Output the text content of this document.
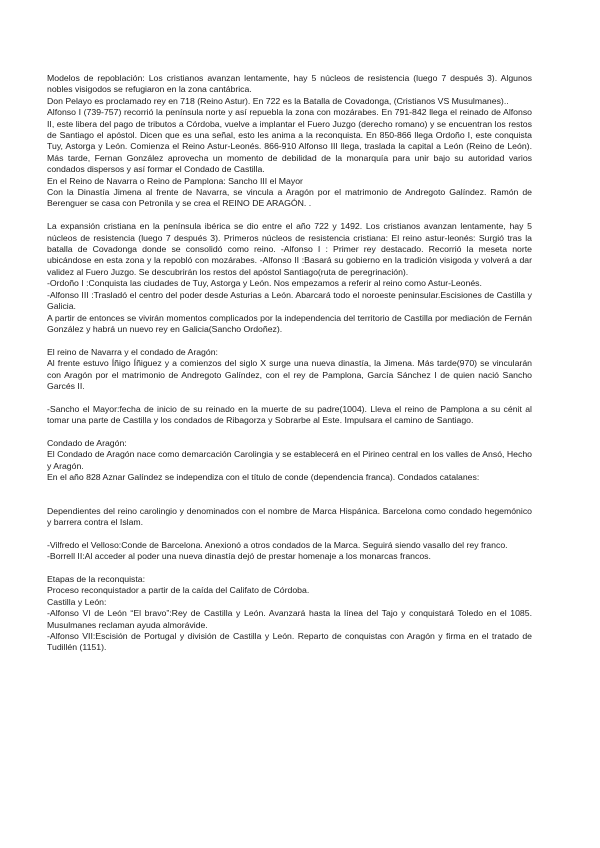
Modelos de repoblación: Los cristianos avanzan lentamente, hay 5 núcleos de resistencia (luego 7 después 3). Algunos nobles visigodos se refugiaron en la zona cantábrica.

Don Pelayo es proclamado rey en 718 (Reino Astur). En 722 es la Batalla de Covadonga, (Cristianos VS Musulmanes)..

Alfonso I (739-757) recorrió la península norte y así repuebla la zona con mozárabes. En 791-842 llega el reinado de Alfonso II, este libera del pago de tributos a Córdoba, vuelve a implantar el Fuero Juzgo (derecho romano) y se encuentran los restos de Santiago el apóstol. Dicen que es una señal, esto les anima a la reconquista. En 850-866 llega Ordoño I, este conquista Tuy, Astorga y León. Comienza el Reino Astur-Leonés. 866-910 Alfonso III llega, traslada la capital a León (Reino de León). Más tarde, Fernan González aprovecha un momento de debilidad de la monarquía para unir bajo su autoridad varios condados dispersos y así formar el Condado de Castilla.

En el Reino de Navarra o Reino de Pamplona: Sancho III el Mayor

Con la Dinastía Jimena al frente de Navarra, se vincula a Aragón por el matrimonio de Andregoto Galíndez. Ramón de Berenguer se casa con Petronila y se crea el REINO DE ARAGÓN. .

La expansión cristiana en la península ibérica se dio entre el año 722 y 1492. Los cristianos avanzan lentamente, hay 5 núcleos de resistencia (luego 7 después 3). Primeros núcleos de resistencia cristiana: El reino astur-leonés: Surgió tras la batalla de Covadonga donde se consolidó como reino. -Alfonso I : Primer rey destacado. Recorrió la meseta norte ubicándose en esta zona y la repobló con mozárabes. -Alfonso II :Basará su gobierno en la tradición visigoda y volverá a dar validez al Fuero Juzgo. Se descubrirán los restos del apóstol Santiago(ruta de peregrinación).

-Ordoño I :Conquista las ciudades de Tuy, Astorga y León. Nos empezamos a referir al reino como Astur-Leonés.

-Alfonso III :Trasladó el centro del poder desde Asturias a León. Abarcará todo el noroeste peninsular.Escisiones de Castilla y Galicia.

A partir de entonces se vivirán momentos complicados por la independencia del territorio de Castilla por mediación de Fernán González y habrá un nuevo rey en Galicia(Sancho Ordoñez).

El reino de Navarra y el condado de Aragón:

Al frente estuvo Íñigo Íñiguez y a comienzos del siglo X surge una nueva dinastía, la Jimena. Más tarde(970) se vincularán con Aragón por el matrimonio de Andregoto Galíndez, con el rey de Pamplona, García Sánchez I de quien nació Sancho Garcés II.

-Sancho el Mayor:fecha de inicio de su reinado en la muerte de su padre(1004). Lleva el reino de Pamplona a su cénit al tomar una parte de Castilla y los condados de Ribagorza y Sobrarbe al Este. Impulsara el camino de Santiago.

Condado de Aragón:

El Condado de Aragón nace como demarcación Carolingia y se establecerá en el Pirineo central en los valles de Ansó, Hecho y Aragón.

En el año 828 Aznar Galíndez se independiza con el título de conde (dependencia franca). Condados catalanes:

Dependientes del reino carolingio y denominados con el nombre de Marca Hispánica. Barcelona como condado hegemónico y barrera contra el Islam.

-Vilfredo el Velloso:Conde de Barcelona. Anexionó a otros condados de la Marca. Seguirá siendo vasallo del rey franco.

-Borrell II:Al acceder al poder una nueva dinastía dejó de prestar homenaje a los monarcas francos.

Etapas de la reconquista:

Proceso reconquistador a partir de la caída del Califato de Córdoba.

Castilla y León:

-Alfonso VI de León “El bravo”:Rey de Castilla y León. Avanzará hasta la línea del Tajo y conquistará Toledo en el 1085. Musulmanes reclaman ayuda almorávide.

-Alfonso VII:Escisión de Portugal y división de Castilla y León. Reparto de conquistas con Aragón y firma en el tratado de Tudillén (1151).
